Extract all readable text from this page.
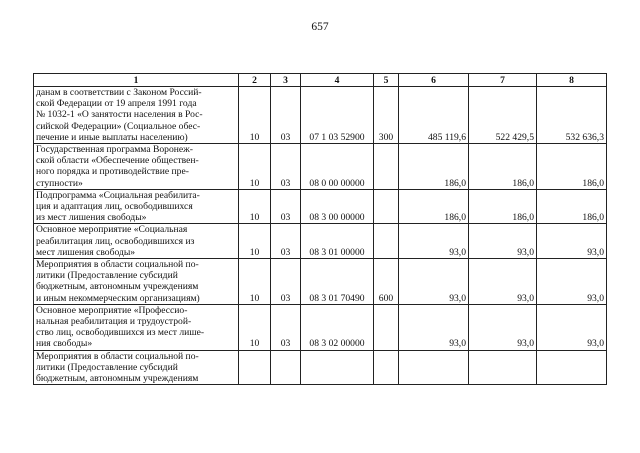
657
1	2	3	4	5	6	7	8

данам в соответствии с Законом Россий-
ской Федерации от 19 апреля 1991 года
№ 1032-1 «О занятости населения в Рос-
сийской Федерации» (Социальное обес-
печение и иные выплаты населению)	10	03	07 1 03 52900	300	485 119,6	522 429,5	532 636,3

Государственная программа Воронеж-
ской области «Обеспечение обществен-
ного порядка и противодействие пре-
ступности»	10	03	08 0 00 00000		186,0	186,0	186,0

Подпрограмма «Социальная реабилита-
ция и адаптация лиц, освободившихся
из мест лишения свободы»	10	03	08 3 00 00000		186,0	186,0	186,0

Основное мероприятие «Социальная
реабилитация лиц, освободившихся из
мест лишения свободы»	10	03	08 3 01 00000		93,0	93,0	93,0

Мероприятия в области социальной по-
литики (Предоставление субсидий
бюджетным, автономным учреждениям
и иным некоммерческим организациям)	10	03	08 3 01 70490	600	93,0	93,0	93,0

Основное мероприятие «Профессио-
нальная реабилитация и трудоустрой-
ство лиц, освободившихся из мест лише-
ния свободы»	10	03	08 3 02 00000		93,0	93,0	93,0

Мероприятия в области социальной по-
литики (Предоставление субсидий
бюджетным, автономным учреждениям							
